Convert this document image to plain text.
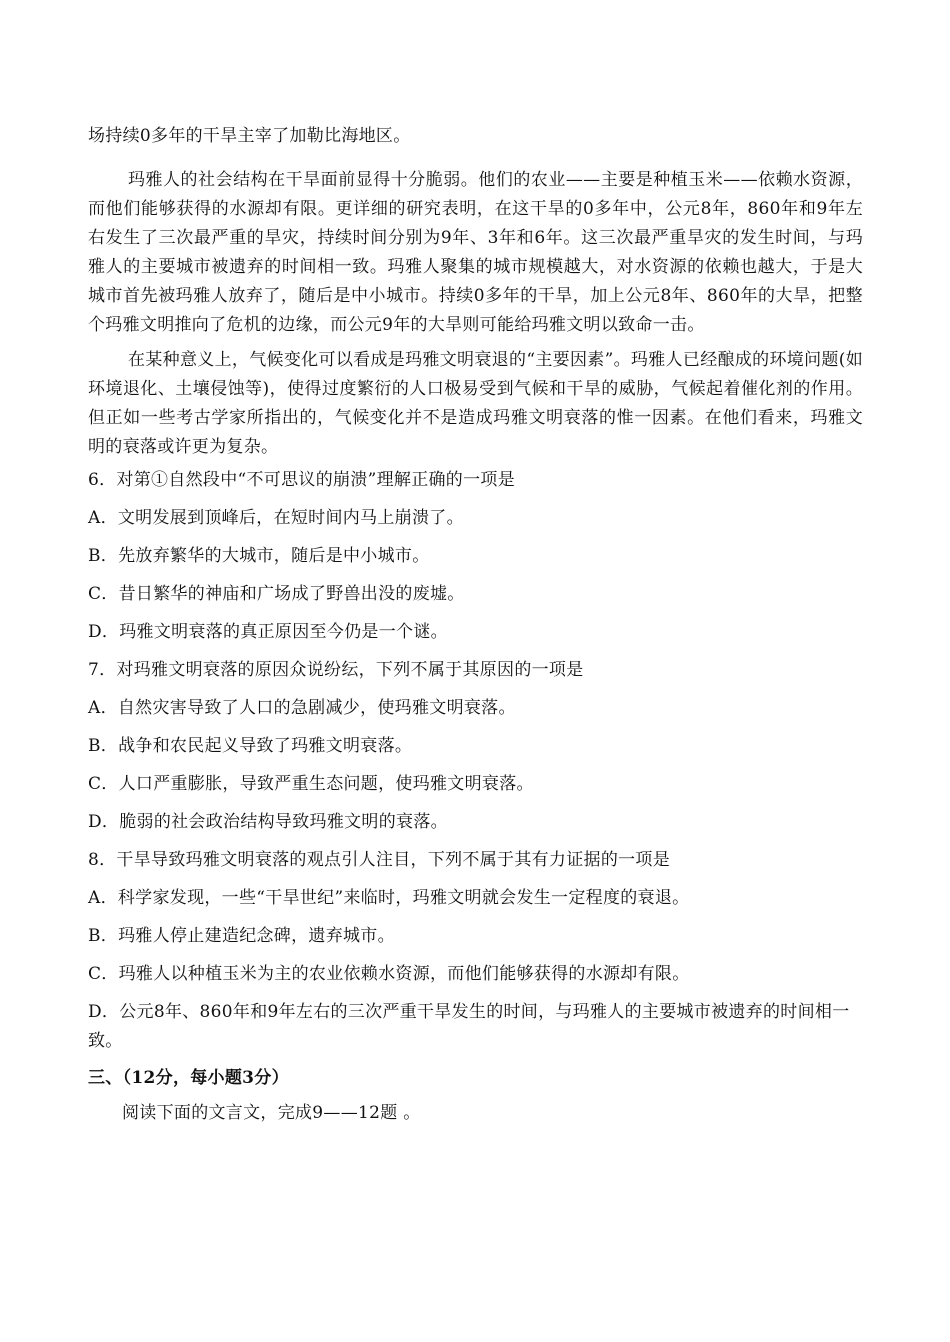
场持续0多年的干旱主宰了加勒比海地区。

玛雅人的社会结构在干旱面前显得十分脆弱。他们的农业——主要是种植玉米——依赖水资源，而他们能够获得的水源却有限。更详细的研究表明，在这干旱的0多年中，公元8年，860年和9年左右发生了三次最严重的旱灾，持续时间分别为9年、3年和6年。这三次最严重旱灾的发生时间，与玛雅人的主要城市被遗弃的时间相一致。玛雅人聚集的城市规模越大，对水资源的依赖也越大，于是大城市首先被玛雅人放弃了，随后是中小城市。持续0多年的干旱，加上公元8年、860年的大旱，把整个玛雅文明推向了危机的边缘，而公元9年的大旱则可能给玛雅文明以致命一击。

在某种意义上，气候变化可以看成是玛雅文明衰退的“主要因素”。玛雅人已经酿成的环境问题(如环境退化、土壤侵蚀等)，使得过度繁衍的人口极易受到气候和干旱的威胁，气候起着催化剂的作用。但正如一些考古学家所指出的，气候变化并不是造成玛雅文明衰落的惟一因素。在他们看来，玛雅文明的衰落或许更为复杂。

6．对第①自然段中“不可思议的崩溃”理解正确的一项是

A．文明发展到顶峰后，在短时间内马上崩溃了。

B．先放弃繁华的大城市，随后是中小城市。

C．昔日繁华的神庙和广场成了野兽出没的废墟。

D．玛雅文明衰落的真正原因至今仍是一个谜。

7．对玛雅文明衰落的原因众说纷纭，下列不属于其原因的一项是

A．自然灾害导致了人口的急剧减少，使玛雅文明衰落。

B．战争和农民起义导致了玛雅文明衰落。

C．人口严重膨胀，导致严重生态问题，使玛雅文明衰落。

D．脆弱的社会政治结构导致玛雅文明的衰落。

8．干旱导致玛雅文明衰落的观点引人注目，下列不属于其有力证据的一项是

A．科学家发现，一些“干旱世纪”来临时，玛雅文明就会发生一定程度的衰退。

B．玛雅人停止建造纪念碑，遗弃城市。

C．玛雅人以种植玉米为主的农业依赖水资源，而他们能够获得的水源却有限。

D．公元8年、860年和9年左右的三次严重干旱发生的时间，与玛雅人的主要城市被遗弃的时间相一致。

三、（12分，每小题3分）

阅读下面的文言文，完成9——12题 。
